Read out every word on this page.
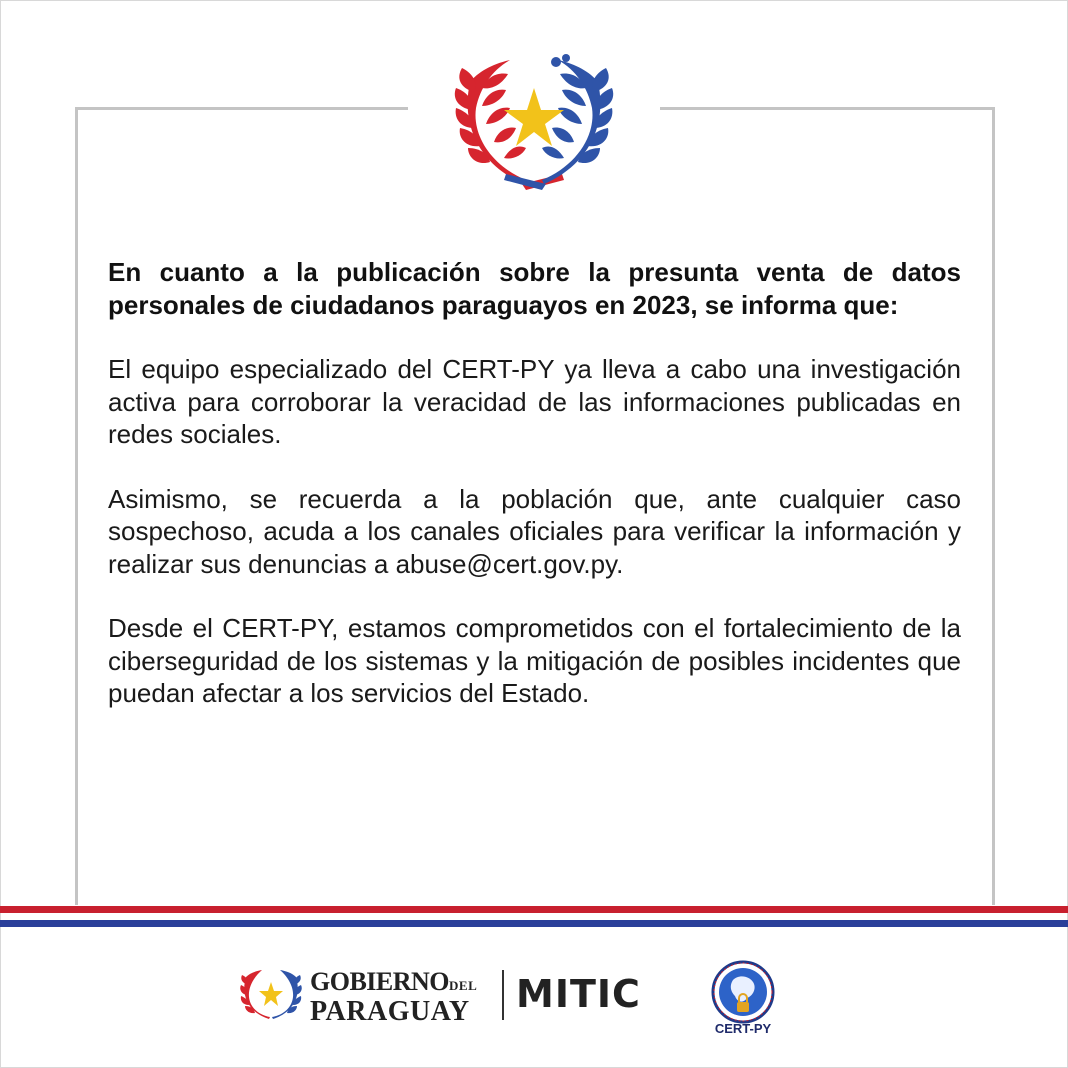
En cuanto a la publicación sobre la presunta venta de datos personales de ciudadanos paraguayos en 2023, se informa que:

El equipo especializado del CERT-PY ya lleva a cabo una investigación activa para corroborar la veracidad de las informaciones publicadas en redes sociales.

Asimismo, se recuerda a la población que, ante cualquier caso sospechoso, acuda a los canales oficiales para verificar la información y realizar sus denuncias a abuse@cert.gov.py.

Desde el CERT-PY, estamos comprometidos con el fortalecimiento de la ciberseguridad de los sistemas y la mitigación de posibles incidentes que puedan afectar a los servicios del Estado.

GOBIERNODEL
PARAGUAY MITIC
CERT-PY
